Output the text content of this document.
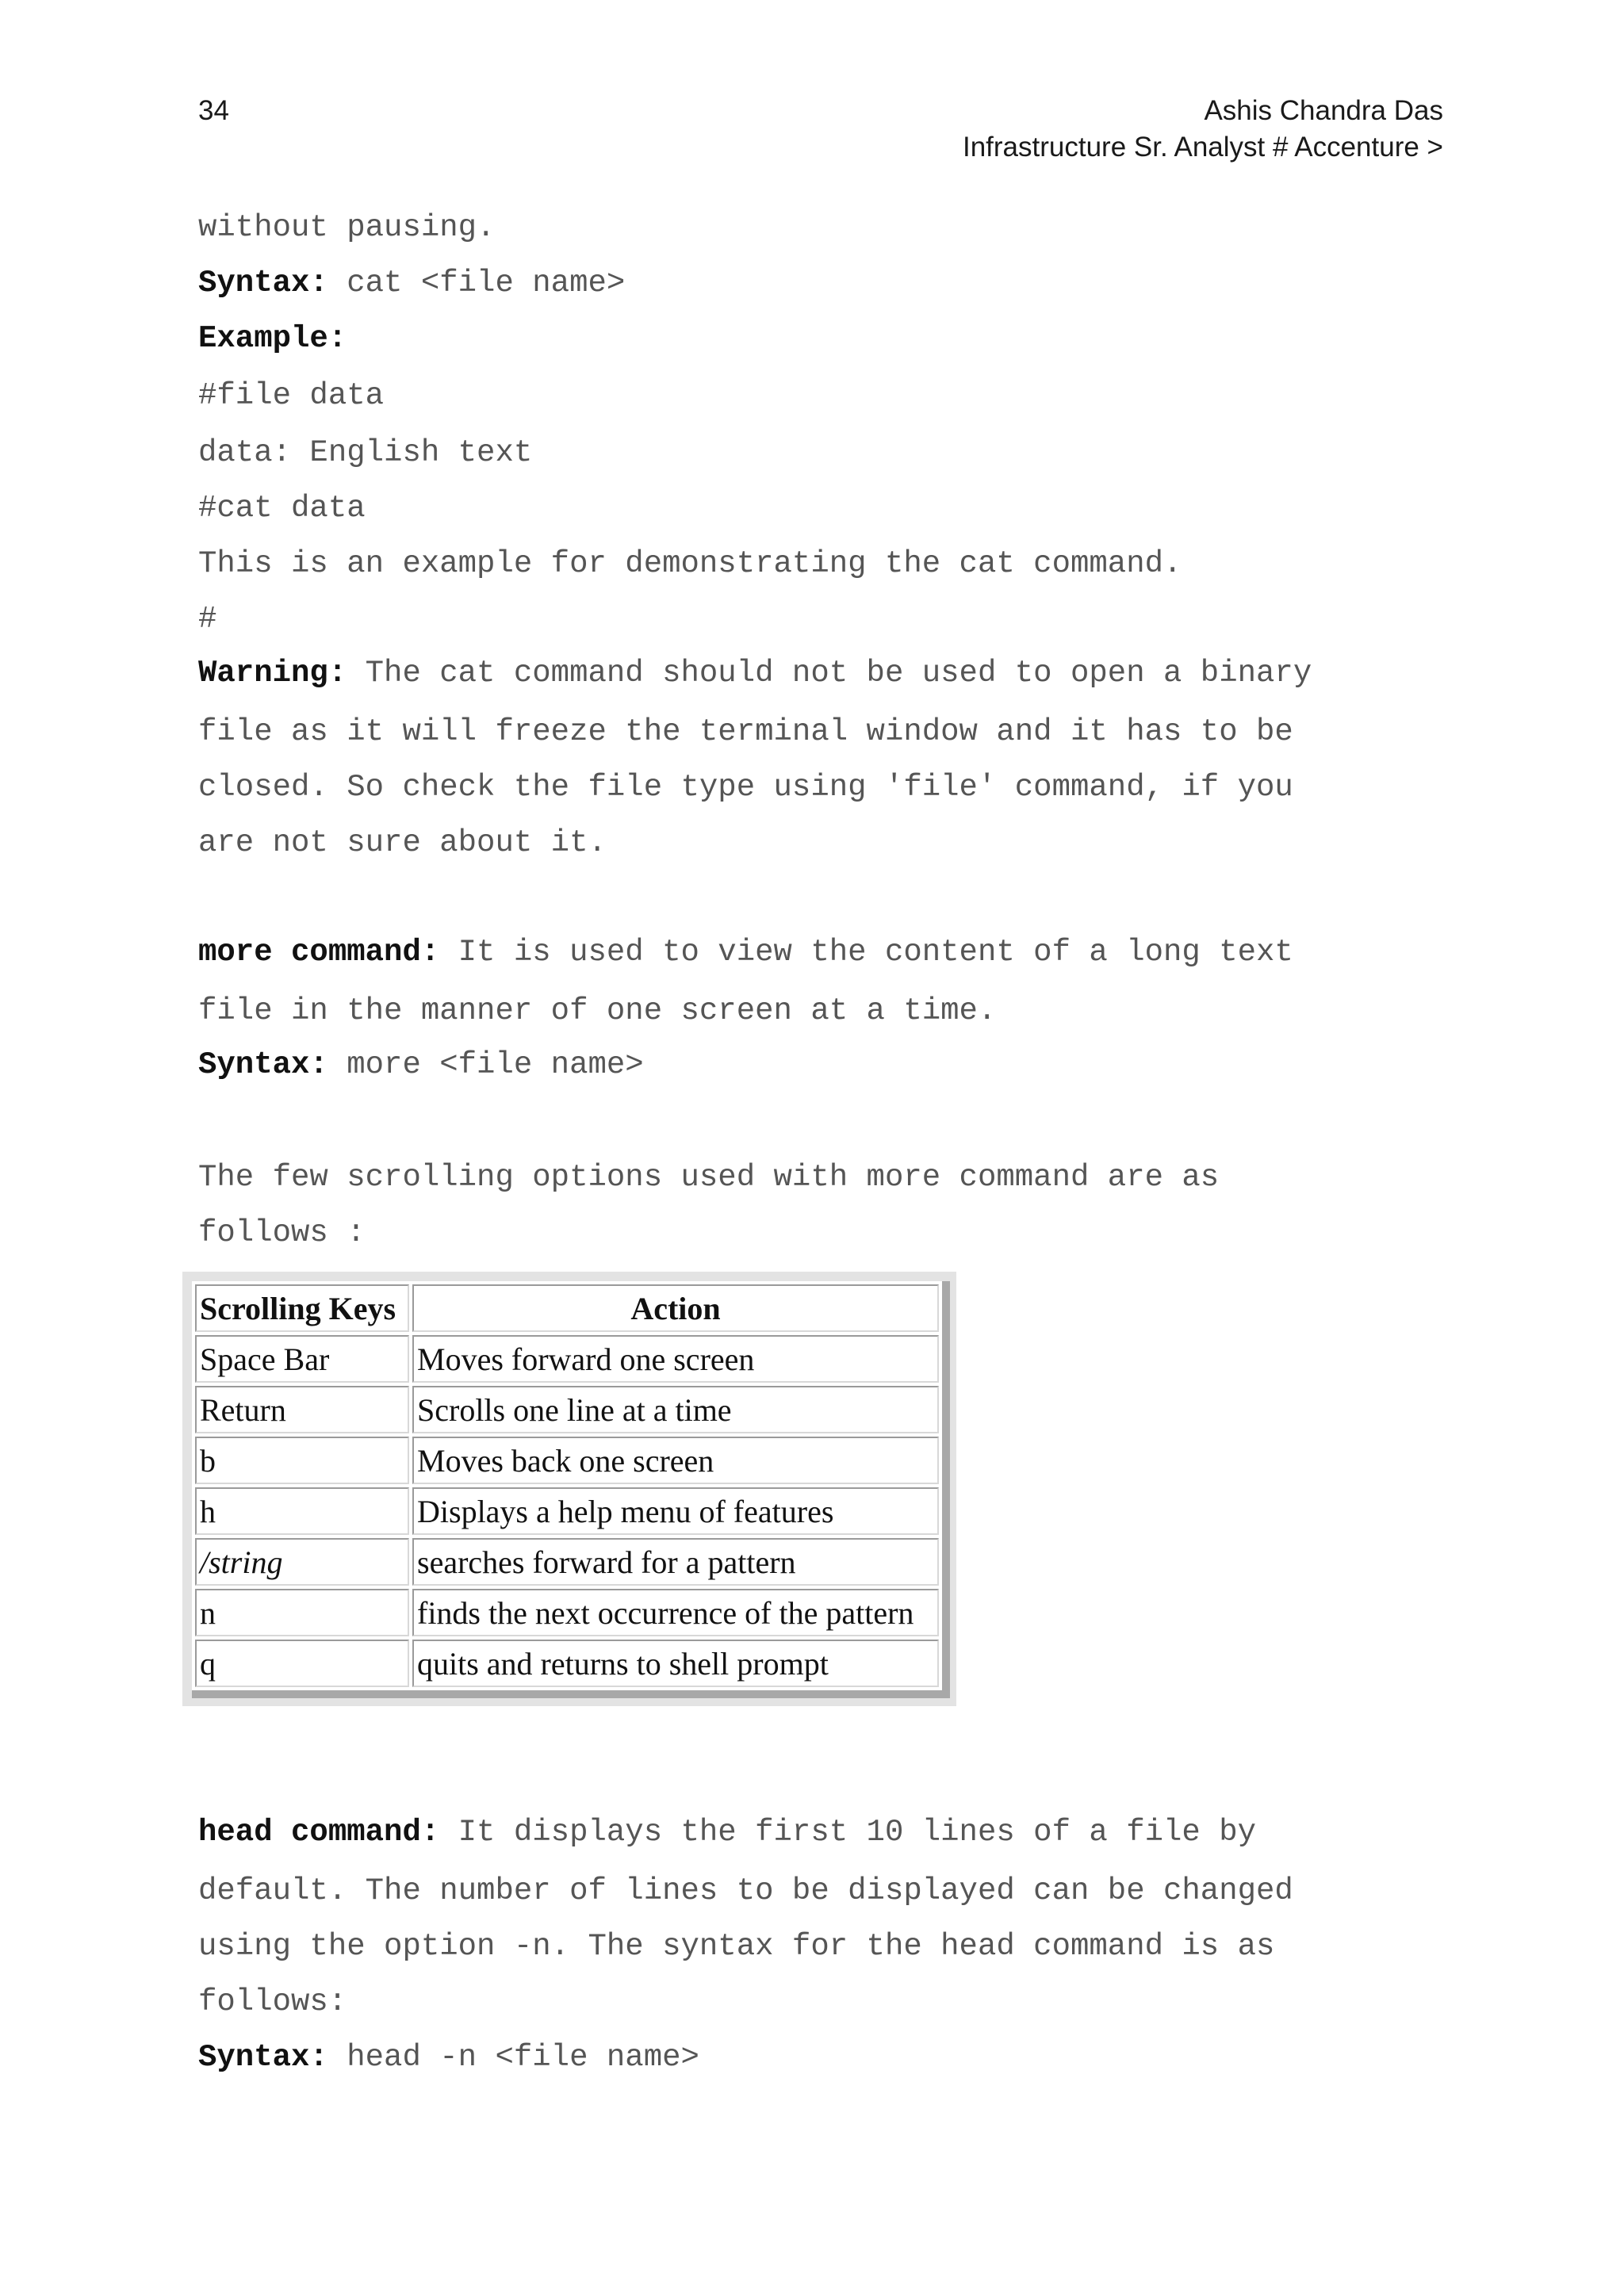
34	Ashis Chandra Das
Infrastructure Sr. Analyst # Accenture >
without pausing.
Syntax: cat <file name>
Example:
#file data
data: English text
#cat data
This is an example for demonstrating the cat command.
#
Warning: The cat command should not be used to open a binary
file as it will freeze the terminal window and it has to be
closed. So check the file type using 'file' command, if you
are not sure about it.
more command: It is used to view the content of a long text
file in the manner of one screen at a time.
Syntax: more <file name>
The few scrolling options used with more command are as
follows :
Scrolling Keys	Action
Space Bar	Moves forward one screen
Return	Scrolls one line at a time
b	Moves back one screen
h	Displays a help menu of features
/string	searches forward for a pattern
n	finds the next occurrence of the pattern
q	quits and returns to shell prompt
head command: It displays the first 10 lines of a file by
default. The number of lines to be displayed can be changed
using the option -n. The syntax for the head command is as
follows:
Syntax: head -n <file name>
